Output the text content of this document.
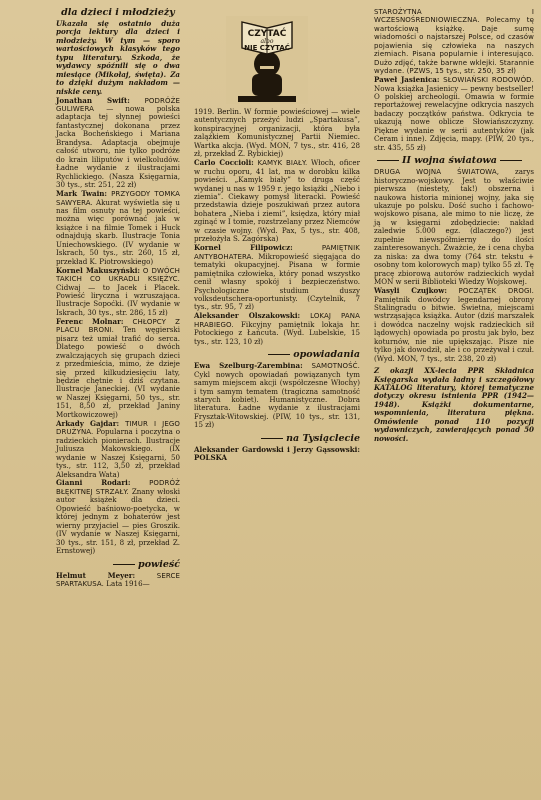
dla dzieci i młodzieży

Ukazała się ostatnio duża porcja lektury dla dzieci i młodzieży. W tym — sporo wartościowych klasyków tego typu literatury. Szkoda, że wydawcy spóźnili się o dwa miesiące (Mikołaj, święta). Za to dzięki dużym nakładom — niskie ceny.

Jonathan Swift: PODRÓŻE GULIWERA — nowa polska adaptacja tej słynnej powieści fantastycznej dokonana przez Jacka Bocheńskiego i Mariana Brandysa. Adaptacja obejmuje całość utworu, nie tylko podróże do krain liliputów i wielkoludów. Ładne wydanie z ilustracjami Rychlickiego. (Nasza Księgarnia, 30 tys., str. 251, 22 zł)

Mark Twain: PRZYGODY TOMKA SAWYERA. Akurat wyświetla się u nas film osnuty na tej powieści, można więc porównać jak w książce i na filmie Tomek i Huck odnajdują skarb. Ilustracje Tonia Uniechowskiego. (IV wydanie w Iskrach, 50 tys., str. 260, 15 zł, przekład K. Piotrowskiego)

Kornel Makuszyński: O DWÓCH TAKICH CO UKRADLI KSIĘŻYC. Cidwaj — to Jacek i Placek. Powieść liryczna i wzruszająca. Ilustracje Sopoćki. (IV wydanie w Iskrach, 30 tys., str. 286, 15 zł)

Ferenc Molnar: CHŁOPCY Z PLACU BRONI. Ten węgierski pisarz też umiał trafić do serca. Dlatego powieść o dwóch zwalczających się grupach dzieci z przedmieścia, mimo, że dzieje się przed kilkudziesięciu laty, będzie chętnie i dziś czytana. Ilustracje Janeckiej. (VI wydanie w Naszej Księgarni, 50 tys., str. 151, 8,50 zł, przekład Janiny Mortkowiczowej)

Arkady Gajdar: TIMUR I JEGO DRUŻYNA. Popularna i poczytna o radzieckich pionierach. Ilustracje Juliusza Makowskiego. (IX wydanie w Naszej Księgarni, 50 tys., str. 112, 3,50 zł, przekład Aleksandra Wata)

Gianni Rodari:	PODRÓŻ BŁĘKITNEJ STRZAŁY. Znany włoski autor książek dla dzieci. Opowieść baśniowo-poetycka, w której jednym z bohaterów jest wierny przyjaciel — pies Groszik. (IV wydanie w Naszej Księgarni, 30 tys., str. 151, 8 zł, przekład Z. Ernstowej)

powieść

Helmut Meyer:	SERCE SPARTAKUSA. Lata 1916—

CZYTAĆ
albo
NIE CZYTAĆ

1919. Berlin. W formie powieściowej — wiele autentycznych przeżyć ludzi „Spartakusa”, konspiracyjnej organizacji, która była zalążkiem Komunistycznej Partii Niemiec. Wartka akcja. (Wyd. MON, 7 tys., str. 416, 28 zł, przekład Z. Rybickiej)

Carlo Coccioli: KAMYK BIAŁY. Włoch, oficer w ruchu oporu, 41 lat, ma w dorobku kilka powieści. „Kamyk biały” to druga część wydanej u nas w 1959 r. jego książki „Niebo i ziemia”. Ciekawy pomysł literacki. Powieść przedstawia dzieje poszukiwań przez autora bohatera „Nieba i ziemi”, księdza, który miał zginąć w I tomie, rozstrzelany przez Niemców w czasie wojny. (Wyd. Pax, 5 tys., str. 408, przełożyła S. Zagórska)

Kornel Filipowicz:	PAMIĘTNIK ANTYBOHATERA. Mikropowieść sięgająca do tematyki okupacyjnej. Pisana w formie pamiętnika człowieka, który ponad wszystko cenił własny spokój i bezpieczeństwo. Psychologiczne studium duszy volksdeutschera-oportunisty. (Czytelnik, 7 tys., str. 95, 7 zł)

Aleksander Olszakowski: LOKAJ PANA HRABIEGO. Fikcyjny pamiętnik lokaja hr. Potockiego z Łańcuta. (Wyd. Lubelskie, 15 tys., str. 123, 10 zł)

opowiadania

Ewa Szelburg-Zarembina: SAMOTNOŚĆ. Cykl nowych opowiadań powiązanych tym samym miejscem akcji (współczesne Włochy) i tym samym tematem (tragiczna samotność starych kobiet). Humanistyczne. Dobra literatura. Ładne wydanie z ilustracjami Frysztak-Witowskiej. (PIW, 10 tys., str. 131, 15 zł)

na Tysiąclecie

Aleksander Gardowski i Jerzy Gąssowski: POLSKA

STAROŻYTNA I WCZESNOŚREDNIOWIECZNA. Polecamy tę wartościową książkę. Daje sumę wiadomości o najstarszej Polsce, od czasów pojawienia się człowieka na naszych ziemiach. Pisana popularnie i interesująco. Dużo zdjęć, także barwne wklejki. Starannie wydane. (PZWS, 15 tys., str. 250, 35 zł)

Paweł Jasienica: SŁOWIAŃSKI RODOWÓD. Nowa książka Jasienicy — pewny bestseller! O polskiej archeologii. Omawia w formie reportażowej rewelacyjne odkrycia naszych badaczy początków państwa. Odkrycia te ukazują nowe oblicze Słowiańszczyzny. Piękne wydanie w serii autentyków (jak Ceram i inne). Zdjęcia, mapy. (PIW, 20 tys., str. 435, 55 zł)

II wojna światowa

DRUGA WOJNA ŚWIATOWA, zarys historyczno-wojskowy. Jest to właściwie pierwsza (niestety, tak!) obszerna i naukowa historia minionej wojny, jaka się ukazuje po polsku. Dość sucho i fachowo-wojskowo pisana, ale mimo to nie liczę, że ją w księgarni zdobędziecie: nakład zaledwie 5.000 egz. (dlaczego?) jest zupełnie niewspółmierny do ilości zainteresowanych. Zważcie, że i cena chyba za niska: za dwa tomy (764 str. tekstu + osobny tom kolorowych map) tylko 55 zł. Tę pracę zbiorową autorów radzieckich wydał MON w serii Biblioteki Wiedzy Wojskowej.

Wasyli Czujkow: POCZĄTEK DROGI. Pamiętnik dowódcy legendarnej obrony Stalingradu o bitwie. Świetna, miejscami wstrząsająca książka. Autor (dziś marszałek i dowódca naczelny wojsk radzieckich sił lądowych) opowiada po prostu jak było, bez koturnów, nie nie upiększając. Pisze nie tylko jak dowodził, ale i co przeżywał i czuł. (Wyd. MON, 7 tys., str. 238, 20 zł)

Z okazji XX-lecia PPR Składnica Księgarska wydała ładny i szczegółowy KATALOG literatury, której tematyczne dotyczy okresu istnienia PPR (1942—1948). Książki dokumentarne, wspomnienia, literatura piękna. Omówienie ponad 110 pozycji wydawniczych, zawierających ponad 50 nowości.
